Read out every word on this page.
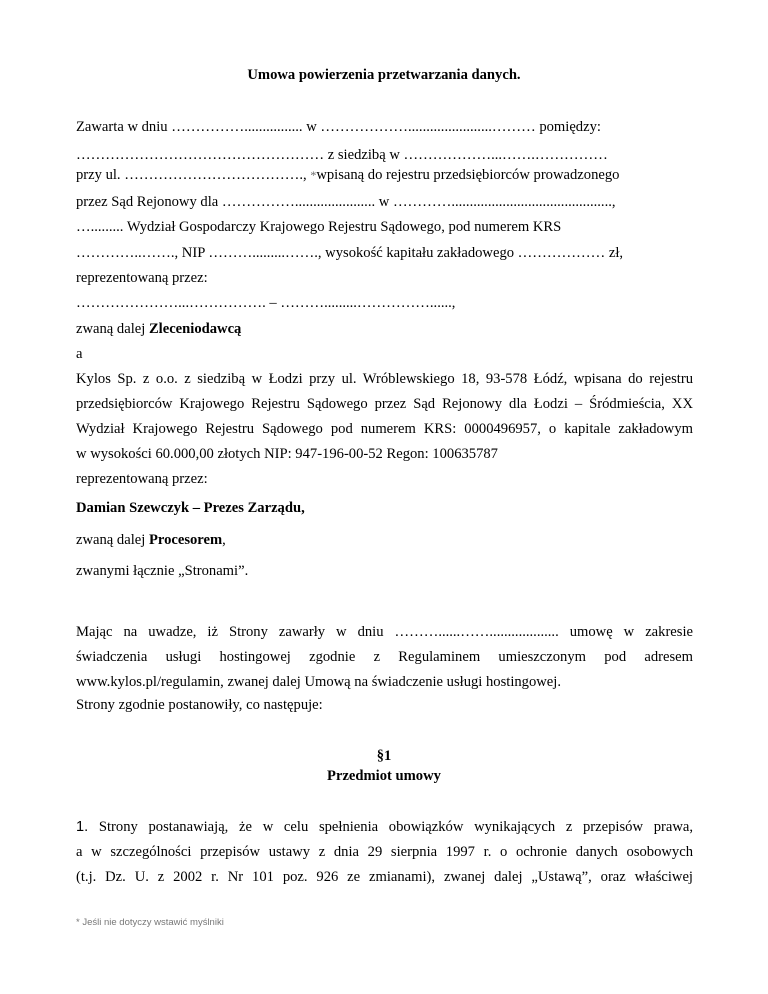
Umowa powierzenia przetwarzania danych.
Zawarta w dniu ……………................ w ……………….......................……… pomiędzy:
…………………………………………… z siedzibą w ………………...…….……………
przy ul. ………………………………., *wpisaną do rejestru przedsiębiorców prowadzonego
przez Sąd Rejonowy dla ……………...................... w …………............................................,
…......... Wydział Gospodarczy Krajowego Rejestru Sądowego, pod numerem KRS
…………..……., NIP ……….........……., wysokość kapitału zakładowego ……………… zł,
reprezentowaną przez:
…………………...……………. – ……….........……………......,
zwaną dalej Zleceniodawcą
a
Kylos Sp. z o.o. z siedzibą w Łodzi przy ul. Wróblewskiego 18, 93-578 Łódź, wpisana do rejestru
przedsiębiorców Krajowego Rejestru Sądowego przez Sąd Rejonowy dla Łodzi – Śródmieścia, XX
Wydział Krajowego Rejestru Sądowego pod numerem KRS: 0000496957, o kapitale zakładowym
w wysokości 60.000,00 złotych NIP: 947-196-00-52 Regon: 100635787
reprezentowaną przez:
Damian Szewczyk – Prezes Zarządu,
zwaną dalej Procesorem,
zwanymi łącznie „Stronami”.
Mając na uwadze, iż Strony zawarły w dniu ………......……................... umowę w zakresie
świadczenia usługi hostingowej zgodnie z Regulaminem umieszczonym pod adresem
www.kylos.pl/regulamin, zwanej dalej Umową na świadczenie usługi hostingowej.
Strony zgodnie postanowiły, co następuje:
§1
Przedmiot umowy
1. Strony postanawiają, że w celu spełnienia obowiązków wynikających z przepisów prawa,
a w szczególności przepisów ustawy z dnia 29 sierpnia 1997 r. o ochronie danych osobowych
(t.j. Dz. U. z 2002 r. Nr 101 poz. 926 ze zmianami), zwanej dalej „Ustawą”, oraz właściwej
* Jeśli nie dotyczy wstawić myślniki
